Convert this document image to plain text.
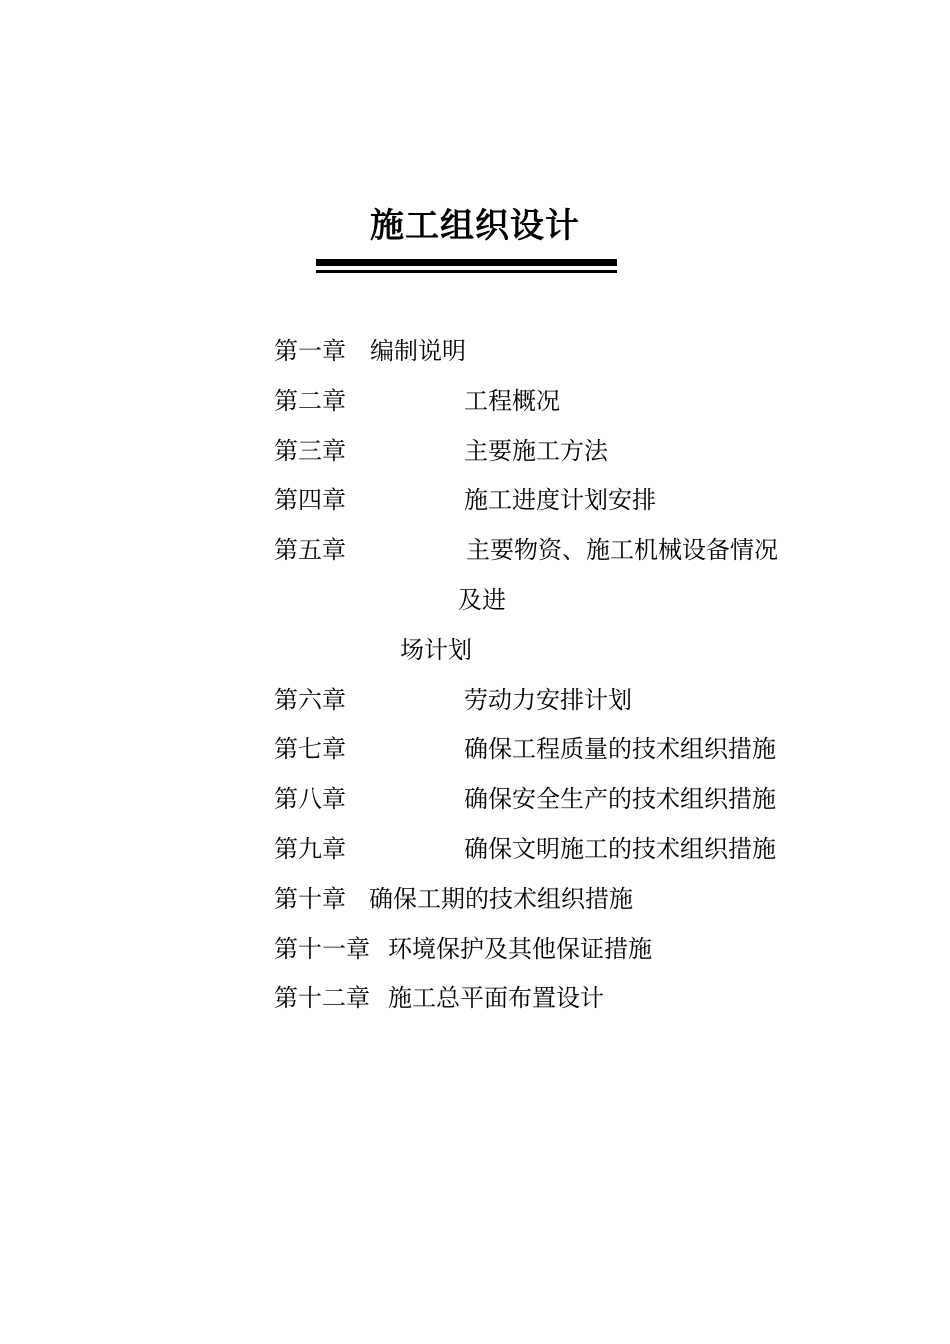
施工组织设计
第一章 编制说明
第二章	工程概况
第三章	主要施工方法
第四章	施工进度计划安排
第五章	主要物资、施工机械设备情况
及进
场计划
第六章	劳动力安排计划
第七章	确保工程质量的技术组织措施
第八章	确保安全生产的技术组织措施
第九章	确保文明施工的技术组织措施
第十章 确保工期的技术组织措施
第十一章 环境保护及其他保证措施
第十二章 施工总平面布置设计
